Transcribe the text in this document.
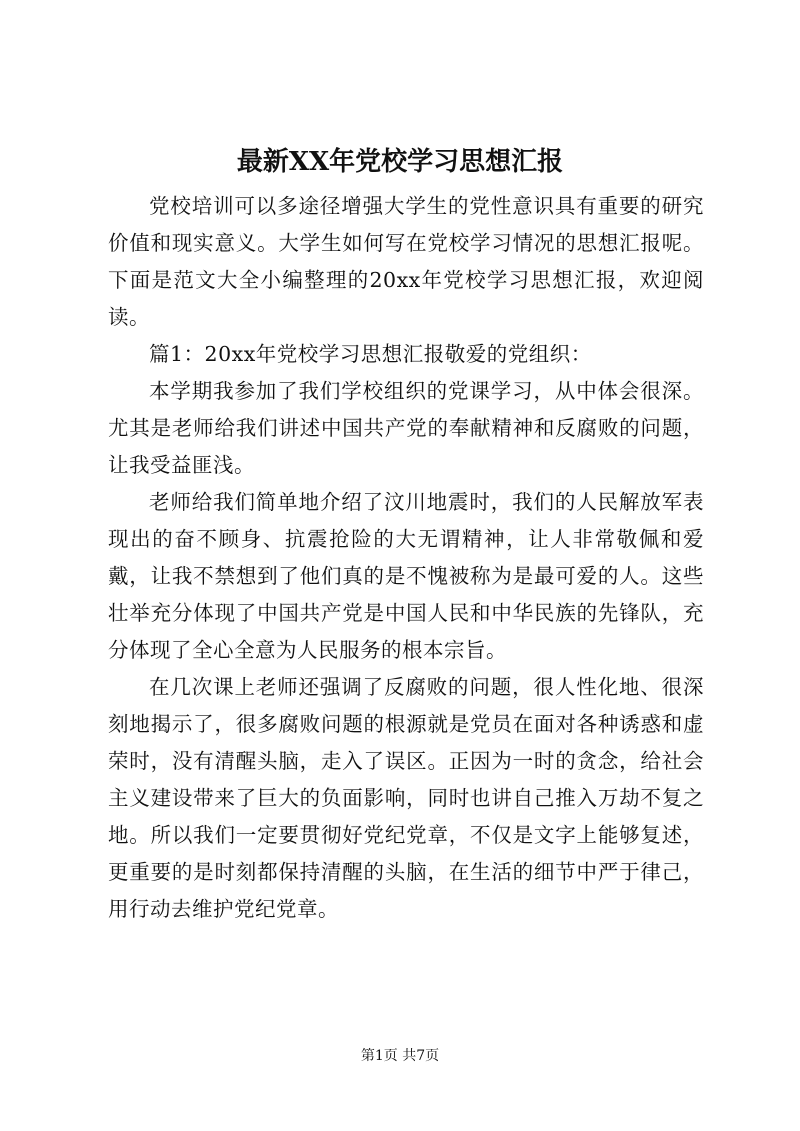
最新XX年党校学习思想汇报

党校培训可以多途径增强大学生的党性意识具有重要的研究价值和现实意义。大学生如何写在党校学习情况的思想汇报呢。下面是范文大全小编整理的20xx年党校学习思想汇报，欢迎阅读。

篇1：20xx年党校学习思想汇报敬爱的党组织：

本学期我参加了我们学校组织的党课学习，从中体会很深。尤其是老师给我们讲述中国共产党的奉献精神和反腐败的问题，让我受益匪浅。

老师给我们简单地介绍了汶川地震时，我们的人民解放军表现出的奋不顾身、抗震抢险的大无谓精神，让人非常敬佩和爱戴，让我不禁想到了他们真的是不愧被称为是最可爱的人。这些壮举充分体现了中国共产党是中国人民和中华民族的先锋队，充分体现了全心全意为人民服务的根本宗旨。

在几次课上老师还强调了反腐败的问题，很人性化地、很深刻地揭示了，很多腐败问题的根源就是党员在面对各种诱惑和虚荣时，没有清醒头脑，走入了误区。正因为一时的贪念，给社会主义建设带来了巨大的负面影响，同时也讲自己推入万劫不复之地。所以我们一定要贯彻好党纪党章，不仅是文字上能够复述，更重要的是时刻都保持清醒的头脑，在生活的细节中严于律己，用行动去维护党纪党章。

第1页 共7页
